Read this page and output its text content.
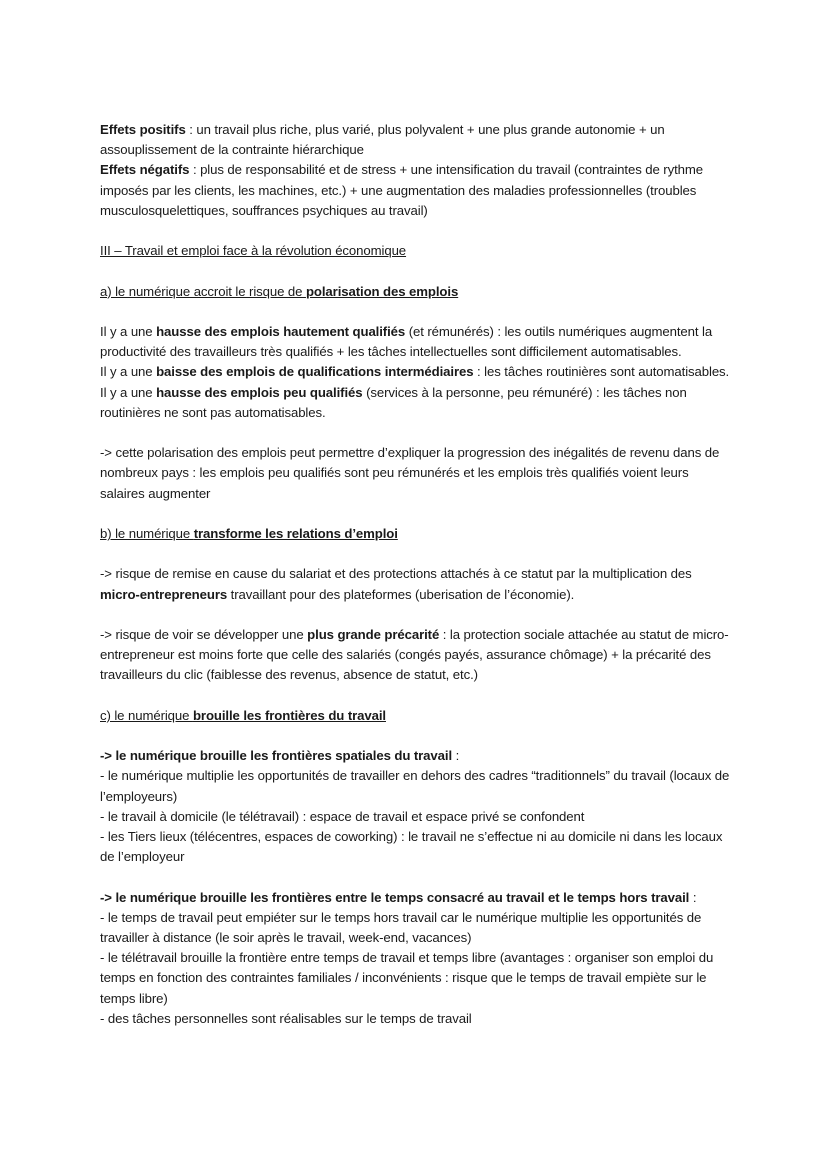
Effets positifs : un travail plus riche, plus varié, plus polyvalent + une plus grande autonomie + un assouplissement de la contrainte hiérarchique

Effets négatifs : plus de responsabilité et de stress + une intensification du travail (contraintes de rythme imposés par les clients, les machines, etc.) + une augmentation des maladies professionnelles (troubles musculosquelettiques, souffrances psychiques au travail)

III – Travail et emploi face à la révolution économique

a) le numérique accroit le risque de polarisation des emplois

Il y a une hausse des emplois hautement qualifiés (et rémunérés) : les outils numériques augmentent la productivité des travailleurs très qualifiés + les tâches intellectuelles sont difficilement automatisables.

Il y a une baisse des emplois de qualifications intermédiaires : les tâches routinières sont automatisables.

Il y a une hausse des emplois peu qualifiés (services à la personne, peu rémunéré) : les tâches non routinières ne sont pas automatisables.

-> cette polarisation des emplois peut permettre d’expliquer la progression des inégalités de revenu dans de nombreux pays : les emplois peu qualifiés sont peu rémunérés et les emplois très qualifiés voient leurs salaires augmenter

b) le numérique transforme les relations d’emploi

-> risque de remise en cause du salariat et des protections attachés à ce statut par la multiplication des micro-entrepreneurs travaillant pour des plateformes (uberisation de l’économie).

-> risque de voir se développer une plus grande précarité : la protection sociale attachée au statut de micro-entrepreneur est moins forte que celle des salariés (congés payés, assurance chômage) + la précarité des travailleurs du clic (faiblesse des revenus, absence de statut, etc.)

c) le numérique brouille les frontières du travail

-> le numérique brouille les frontières spatiales du travail :

- le numérique multiplie les opportunités de travailler en dehors des cadres “traditionnels” du travail (locaux de l’employeurs)

- le travail à domicile (le télétravail) : espace de travail et espace privé se confondent

- les Tiers lieux (télécentres, espaces de coworking) : le travail ne s’effectue ni au domicile ni dans les locaux de l’employeur

-> le numérique brouille les frontières entre le temps consacré au travail et le temps hors travail :

- le temps de travail peut empiéter sur le temps hors travail car le numérique multiplie les opportunités de travailler à distance (le soir après le travail, week-end, vacances)

- le télétravail brouille la frontière entre temps de travail et temps libre (avantages : organiser son emploi du temps en fonction des contraintes familiales / inconvénients : risque que le temps de travail empiète sur le temps libre)

- des tâches personnelles sont réalisables sur le temps de travail
